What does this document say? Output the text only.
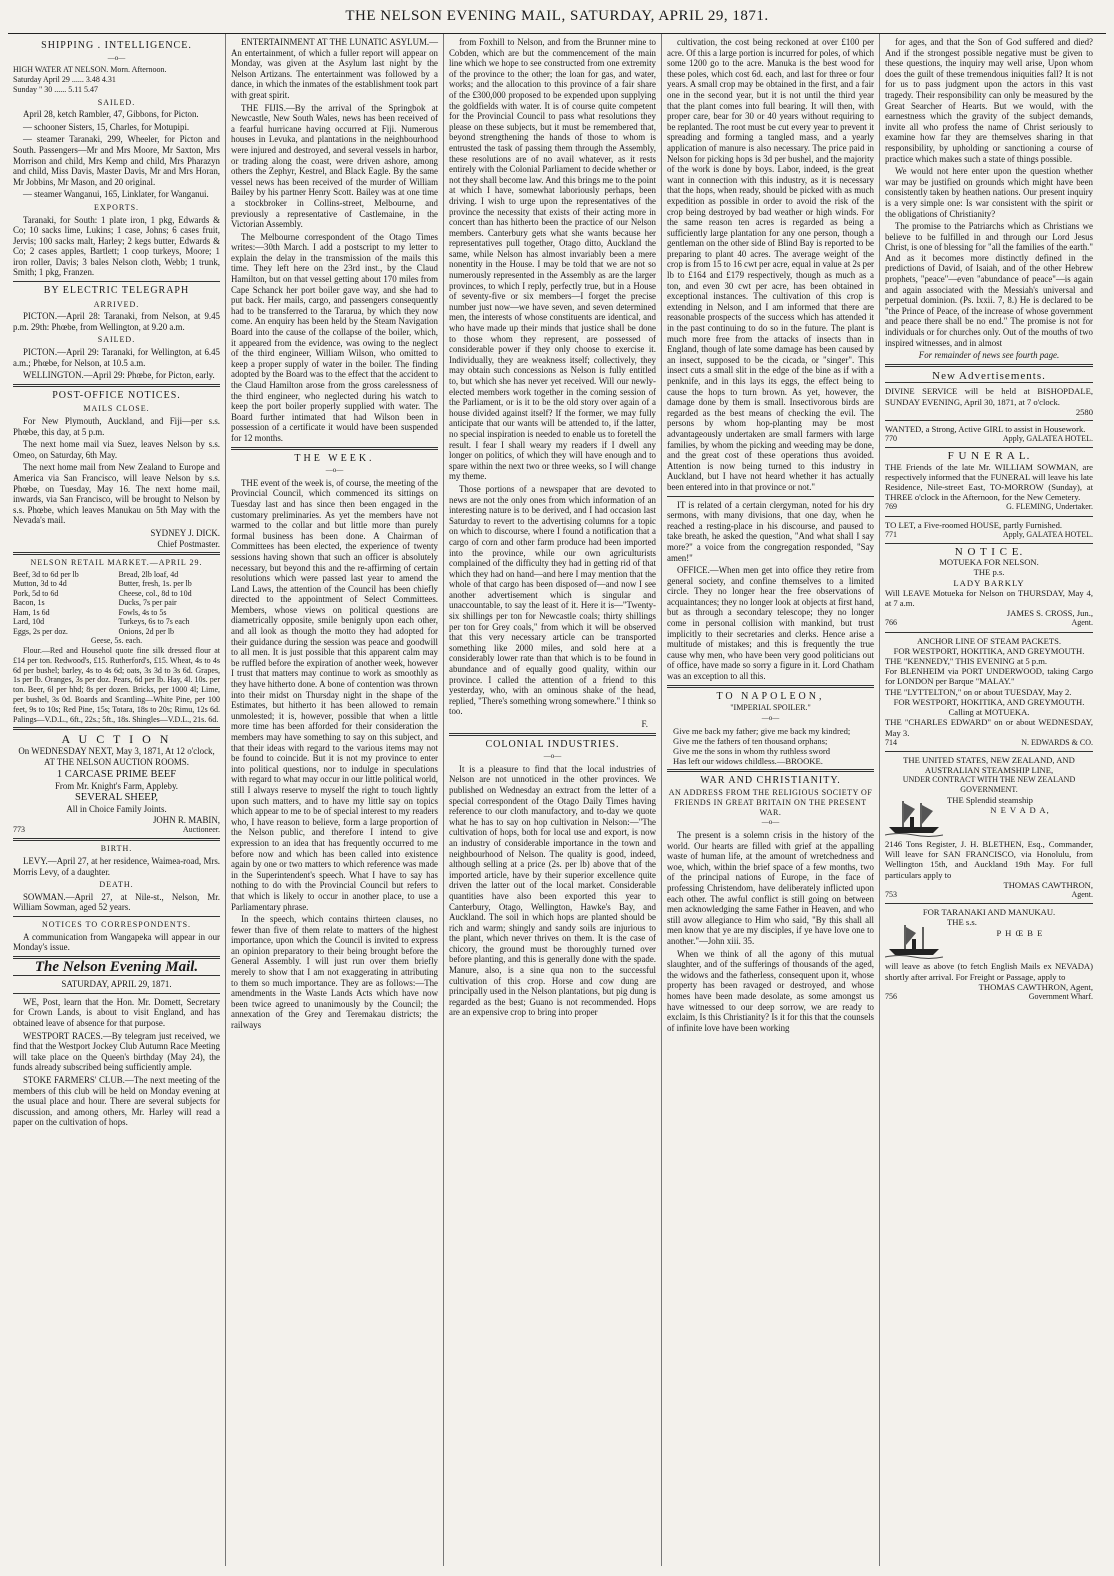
THE NELSON EVENING MAIL, SATURDAY, APRIL 29, 1871.
SHIPPING . INTELLIGENCE.
—o—
HIGH WATER AT NELSON. Morn. Afternoon.
Saturday April 29 ...... 3.48 4.31
Sunday " 30 ...... 5.11 5.47
SAILED.

April 28, ketch Rambler, 47, Gibbons, for Picton.

— schooner Sisters, 15, Charles, for Motupipi.

— steamer Taranaki, 299, Wheeler, for Picton and South. Passengers—Mr and Mrs Moore, Mr Saxton, Mrs Morrison and child, Mrs Kemp and child, Mrs Pharazyn and child, Miss Davis, Master Davis, Mr and Mrs Horan, Mr Jobbins, Mr Mason, and 20 original.

— steamer Wanganui, 165, Linklater, for Wanganui.

EXPORTS.

Taranaki, for South: 1 plate iron, 1 pkg, Edwards & Co; 10 sacks lime, Lukins; 1 case, Johns; 6 cases fruit, Jervis; 100 sacks malt, Harley; 2 kegs butter, Edwards & Co; 2 cases apples, Bartlett; 1 coop turkeys, Moore; 1 iron roller, Davis; 3 bales Nelson cloth, Webb; 1 trunk, Smith; 1 pkg, Franzen.

BY ELECTRIC TELEGRAPH
ARRIVED.

PICTON.—April 28: Taranaki, from Nelson, at 9.45 p.m. 29th: Phœbe, from Wellington, at 9.20 a.m.

SAILED.

PICTON.—April 29: Taranaki, for Wellington, at 6.45 a.m.; Phœbe, for Nelson, at 10.5 a.m.

WELLINGTON.—April 29: Phœbe, for Picton, early.

POST-OFFICE NOTICES.
MAILS CLOSE.

For New Plymouth, Auckland, and Fiji—per s.s. Phœbe, this day, at 5 p.m.

The next home mail via Suez, leaves Nelson by s.s. Omeo, on Saturday, 6th May.

The next home mail from New Zealand to Europe and America via San Francisco, will leave Nelson by s.s. Phœbe, on Tuesday, May 16. The next home mail, inwards, via San Francisco, will be brought to Nelson by s.s. Phœbe, which leaves Manukau on 5th May with the Nevada's mail.

SYDNEY J. DICK.
Chief Postmaster.
NELSON RETAIL MARKET.—APRIL 29.
Beef, 3d to 6d per lb
Mutton, 3d to 4d
Pork, 5d to 6d
Bacon, 1s
Ham, 1s 6d
Lard, 10d
Eggs, 2s per doz.
Bread, 2lb loaf, 4d
Butter, fresh, 1s. per lb
Cheese, col., 8d to 10d
Ducks, 7s per pair
Fowls, 4s to 5s
Turkeys, 6s to 7s each
Onions, 2d per lb
Geese, 5s. each.

Flour.—Red and Househol quote fine silk dressed flour at £14 per ton. Redwood's, £15. Rutherford's, £15. Wheat, 4s to 4s 6d per bushel; barley, 4s to 4s 6d; oats, 3s 3d to 3s 6d. Grapes, 1s per lb. Oranges, 3s per doz. Pears, 6d per lb. Hay, 4l. 10s. per ton. Beer, 6l per hhd; 8s per dozen. Bricks, per 1000 4l; Lime, per bushel, 3s 0d. Boards and Scantling—White Pine, per 100 feet, 9s to 10s; Red Pine, 15s; Totara, 18s to 20s; Rimu, 12s 6d. Palings—V.D.L., 6ft., 22s.; 5ft., 18s. Shingles—V.D.L., 21s. 6d.

A U C T I O N
On WEDNESDAY NEXT, May 3, 1871, At 12 o'clock,
AT THE NELSON AUCTION ROOMS.
1 CARCASE PRIME BEEF
From Mr. Knight's Farm, Appleby.
SEVERAL SHEEP,
All in Choice Family Joints.
JOHN R. MABIN,
773	Auctioneer.
BIRTH.

LEVY.—April 27, at her residence, Waimea-road, Mrs. Morris Levy, of a daughter.

DEATH.

SOWMAN.—April 27, at Nile-st., Nelson, Mr. William Sowman, aged 52 years.

NOTICES TO CORRESPONDENTS.

A communication from Wangapeka will appear in our Monday's issue.

The Nelson Evening Mail.
SATURDAY, APRIL 29, 1871.

WE, Post, learn that the Hon. Mr. Domett, Secretary for Crown Lands, is about to visit England, and has obtained leave of absence for that purpose.

WESTPORT RACES.—By telegram just received, we find that the Westport Jockey Club Autumn Race Meeting will take place on the Queen's birthday (May 24), the funds already subscribed being sufficiently ample.

STOKE FARMERS' CLUB.—The next meeting of the members of this club will be held on Monday evening at the usual place and hour. There are several subjects for discussion, and among others, Mr. Harley will read a paper on the cultivation of hops.

ENTERTAINMENT AT THE LUNATIC ASYLUM.—An entertainment, of which a fuller report will appear on Monday, was given at the Asylum last night by the Nelson Artizans. The entertainment was followed by a dance, in which the inmates of the establishment took part with great spirit.

THE FIJIS.—By the arrival of the Springbok at Newcastle, New South Wales, news has been received of a fearful hurricane having occurred at Fiji. Numerous houses in Levuka, and plantations in the neighbourhood were injured and destroyed, and several vessels in harbor, or trading along the coast, were driven ashore, among others the Zephyr, Kestrel, and Black Eagle. By the same vessel news has been received of the murder of William Bailey by his partner Henry Scott. Bailey was at one time a stockbroker in Collins-street, Melbourne, and previously a representative of Castlemaine, in the Victorian Assembly.

The Melbourne correspondent of the Otago Times writes:—30th March. I add a postscript to my letter to explain the delay in the transmission of the mails this time. They left here on the 23rd inst., by the Claud Hamilton, but on that vessel getting about 170 miles from Cape Schanck her port boiler gave way, and she had to put back. Her mails, cargo, and passengers consequently had to be transferred to the Tararua, by which they now come. An enquiry has been held by the Steam Navigation Board into the cause of the collapse of the boiler, which, it appeared from the evidence, was owing to the neglect of the third engineer, William Wilson, who omitted to keep a proper supply of water in the boiler. The finding adopted by the Board was to the effect that the accident to the Claud Hamilton arose from the gross carelessness of the third engineer, who neglected during his watch to keep the port boiler properly supplied with water. The Board further intimated that had Wilson been in possession of a certificate it would have been suspended for 12 months.

THE WEEK.
—o—

THE event of the week is, of course, the meeting of the Provincial Council, which commenced its sittings on Tuesday last and has since then been engaged in the customary preliminaries. As yet the members have not warmed to the collar and but little more than purely formal business has been done. A Chairman of Committees has been elected, the experience of twenty sessions having shown that such an officer is absolutely necessary, but beyond this and the re-affirming of certain resolutions which were passed last year to amend the Land Laws, the attention of the Council has been chiefly directed to the appointment of Select Committees. Members, whose views on political questions are diametrically opposite, smile benignly upon each other, and all look as though the motto they had adopted for their guidance during the session was peace and goodwill to all men. It is just possible that this apparent calm may be ruffled before the expiration of another week, however I trust that matters may continue to work as smoothly as they have hitherto done. A bone of contention was thrown into their midst on Thursday night in the shape of the Estimates, but hitherto it has been allowed to remain unmolested; it is, however, possible that when a little more time has been afforded for their consideration the members may have something to say on this subject, and that their ideas with regard to the various items may not be found to coincide. But it is not my province to enter into political questions, nor to indulge in speculations with regard to what may occur in our little political world, still I always reserve to myself the right to touch lightly upon such matters, and to have my little say on topics which appear to me to be of special interest to my readers who, I have reason to believe, form a large proportion of the Nelson public, and therefore I intend to give expression to an idea that has frequently occurred to me before now and which has been called into existence again by one or two matters to which reference was made in the Superintendent's speech. What I have to say has nothing to do with the Provincial Council but refers to that which is likely to occur in another place, to use a Parliamentary phrase.

In the speech, which contains thirteen clauses, no fewer than five of them relate to matters of the highest importance, upon which the Council is invited to express an opinion preparatory to their being brought before the General Assembly. I will just run over them briefly merely to show that I am not exaggerating in attributing to them so much importance. They are as follows:—The amendments in the Waste Lands Acts which have now been twice agreed to unanimously by the Council; the annexation of the Grey and Teremakau districts; the railways

from Foxhill to Nelson, and from the Brunner mine to Cobden, which are but the commencement of the main line which we hope to see constructed from one extremity of the province to the other; the loan for gas, and water, works; and the allocation to this province of a fair share of the £300,000 proposed to be expended upon supplying the goldfields with water. It is of course quite competent for the Provincial Council to pass what resolutions they please on these subjects, but it must be remembered that, beyond strengthening the hands of those to whom is entrusted the task of passing them through the Assembly, these resolutions are of no avail whatever, as it rests entirely with the Colonial Parliament to decide whether or not they shall become law. And this brings me to the point at which I have, somewhat laboriously perhaps, been driving. I wish to urge upon the representatives of the province the necessity that exists of their acting more in concert than has hitherto been the practice of our Nelson members. Canterbury gets what she wants because her representatives pull together, Otago ditto, Auckland the same, while Nelson has almost invariably been a mere nonentity in the House. I may be told that we are not so numerously represented in the Assembly as are the larger provinces, to which I reply, perfectly true, but in a House of seventy-five or six members—I forget the precise number just now—we have seven, and seven determined men, the interests of whose constituents are identical, and who have made up their minds that justice shall be done to those whom they represent, are possessed of considerable power if they only choose to exercise it. Individually, they are weakness itself; collectively, they may obtain such concessions as Nelson is fully entitled to, but which she has never yet received. Will our newly-elected members work together in the coming session of the Parliament, or is it to be the old story over again of a house divided against itself? If the former, we may fully anticipate that our wants will be attended to, if the latter, no special inspiration is needed to enable us to foretell the result. I fear I shall weary my readers if I dwell any longer on politics, of which they will have enough and to spare within the next two or three weeks, so I will change my theme.

Those portions of a newspaper that are devoted to news are not the only ones from which information of an interesting nature is to be derived, and I had occasion last Saturday to revert to the advertising columns for a topic on which to discourse, where I found a notification that a cargo of corn and other farm produce had been imported into the province, while our own agriculturists complained of the difficulty they had in getting rid of that which they had on hand—and here I may mention that the whole of that cargo has been disposed of—and now I see another advertisement which is singular and unaccountable, to say the least of it. Here it is—"Twenty-six shillings per ton for Newcastle coals; thirty shillings per ton for Grey coals," from which it will be observed that this very necessary article can be transported something like 2000 miles, and sold here at a considerably lower rate than that which is to be found in abundance and of equally good quality, within our province. I called the attention of a friend to this yesterday, who, with an ominous shake of the head, replied, "There's something wrong somewhere." I think so too.

F.
COLONIAL INDUSTRIES.
—o—

It is a pleasure to find that the local industries of Nelson are not unnoticed in the other provinces. We published on Wednesday an extract from the letter of a special correspondent of the Otago Daily Times having reference to our cloth manufactory, and to-day we quote what he has to say on hop cultivation in Nelson:—"The cultivation of hops, both for local use and export, is now an industry of considerable importance in the town and neighbourhood of Nelson. The quality is good, indeed, although selling at a price (2s. per lb) above that of the imported article, have by their superior excellence quite driven the latter out of the local market. Considerable quantities have also been exported this year to Canterbury, Otago, Wellington, Hawke's Bay, and Auckland. The soil in which hops are planted should be rich and warm; shingly and sandy soils are injurious to the plant, which never thrives on them. It is the case of chicory, the ground must be thoroughly turned over before planting, and this is generally done with the spade. Manure, also, is a sine qua non to the successful cultivation of this crop. Horse and cow dung are principally used in the Nelson plantations, but pig dung is regarded as the best; Guano is not recommended. Hops are an expensive crop to bring into proper

cultivation, the cost being reckoned at over £100 per acre. Of this a large portion is incurred for poles, of which some 1200 go to the acre. Manuka is the best wood for these poles, which cost 6d. each, and last for three or four years. A small crop may be obtained in the first, and a fair one in the second year, but it is not until the third year that the plant comes into full bearing. It will then, with proper care, bear for 30 or 40 years without requiring to be replanted. The root must be cut every year to prevent it spreading and forming a tangled mass, and a yearly application of manure is also necessary. The price paid in Nelson for picking hops is 3d per bushel, and the majority of the work is done by boys. Labor, indeed, is the great want in connection with this industry, as it is necessary that the hops, when ready, should be picked with as much expedition as possible in order to avoid the risk of the crop being destroyed by bad weather or high winds. For the same reason ten acres is regarded as being a sufficiently large plantation for any one person, though a gentleman on the other side of Blind Bay is reported to be preparing to plant 40 acres. The average weight of the crop is from 15 to 16 cwt per acre, equal in value at 2s per lb to £164 and £179 respectively, though as much as a ton, and even 30 cwt per acre, has been obtained in exceptional instances. The cultivation of this crop is extending in Nelson, and I am informed that there are reasonable prospects of the success which has attended it in the past continuing to do so in the future. The plant is much more free from the attacks of insects than in England, though of late some damage has been caused by an insect, supposed to be the cicada, or "singer". This insect cuts a small slit in the edge of the bine as if with a penknife, and in this lays its eggs, the effect being to cause the hops to turn brown. As yet, however, the damage done by them is small. Insectivorous birds are regarded as the best means of checking the evil. The persons by whom hop-planting may be most advantageously undertaken are small farmers with large families, by whom the picking and weeding may be done, and the great cost of these operations thus avoided. Attention is now being turned to this industry in Auckland, but I have not heard whether it has actually been entered into in that province or not."

IT is related of a certain clergyman, noted for his dry sermons, with many divisions, that one day, when he reached a resting-place in his discourse, and paused to take breath, he asked the question, "And what shall I say more?" a voice from the congregation responded, "Say amen!"

OFFICE.—When men get into office they retire from general society, and confine themselves to a limited circle. They no longer hear the free observations of acquaintances; they no longer look at objects at first hand, but as through a secondary telescope; they no longer come in personal collision with mankind, but trust implicitly to their secretaries and clerks. Hence arise a multitude of mistakes; and this is frequently the true cause why men, who have been very good politicians out of office, have made so sorry a figure in it. Lord Chatham was an exception to all this.

TO NAPOLEON,
"IMPERIAL SPOILER."
—o—
Give me back my father; give me back my kindred;
Give me the fathers of ten thousand orphans;
Give me the sons in whom thy ruthless sword
Has left our widows childless.—BROOKE.
WAR AND CHRISTIANITY.
AN ADDRESS FROM THE RELIGIOUS SOCIETY OF FRIENDS IN GREAT BRITAIN ON THE PRESENT WAR.
—o—

The present is a solemn crisis in the history of the world. Our hearts are filled with grief at the appalling waste of human life, at the amount of wretchedness and woe, which, within the brief space of a few months, two of the principal nations of Europe, in the face of professing Christendom, have deliberately inflicted upon each other. The awful conflict is still going on between men acknowledging the same Father in Heaven, and who still avow allegiance to Him who said, "By this shall all men know that ye are my disciples, if ye have love one to another."—John xiii. 35.

When we think of all the agony of this mutual slaughter, and of the sufferings of thousands of the aged, the widows and the fatherless, consequent upon it, whose property has been ravaged or destroyed, and whose homes have been made desolate, as some amongst us have witnessed to our deep sorrow, we are ready to exclaim, Is this Christianity? Is it for this that the counsels of infinite love have been working

for ages, and that the Son of God suffered and died? And if the strongest possible negative must be given to these questions, the inquiry may well arise, Upon whom does the guilt of these tremendous iniquities fall? It is not for us to pass judgment upon the actors in this vast tragedy. Their responsibility can only be measured by the Great Searcher of Hearts. But we would, with the earnestness which the gravity of the subject demands, invite all who profess the name of Christ seriously to examine how far they are themselves sharing in that responsibility, by upholding or sanctioning a course of practice which makes such a state of things possible.

We would not here enter upon the question whether war may be justified on grounds which might have been consistently taken by heathen nations. Our present inquiry is a very simple one: Is war consistent with the spirit or the obligations of Christianity?

The promise to the Patriarchs which as Christians we believe to be fulfilled in and through our Lord Jesus Christ, is one of blessing for "all the families of the earth." And as it becomes more distinctly defined in the predictions of David, of Isaiah, and of the other Hebrew prophets, "peace"—even "abundance of peace"—is again and again associated with the Messiah's universal and perpetual dominion. (Ps. lxxii. 7, 8.) He is declared to be "the Prince of Peace, of the increase of whose government and peace there shall be no end." The promise is not for individuals or for churches only. Out of the mouths of two inspired witnesses, and in almost

For remainder of news see fourth page.
New Advertisements.
DIVINE SERVICE will be held at BISHOPDALE, SUNDAY EVENING, April 30, 1871, at 7 o'clock.
2580
WANTED, a Strong, Active GIRL to assist in Housework.
770	Apply, GALATEA HOTEL.
F U N E R A L.
THE Friends of the late Mr. WILLIAM SOWMAN, are respectively informed that the FUNERAL will leave his late Residence, Nile-street East, TO-MORROW (Sunday), at THREE o'clock in the Afternoon, for the New Cemetery.
769	G. FLEMING, Undertaker.
TO LET, a Five-roomed HOUSE, partly Furnished.
771	Apply, GALATEA HOTEL.
N O T I C E.
MOTUEKA FOR NELSON.
THE p.s.
LADY BARKLY
Will LEAVE Motueka for Nelson on THURSDAY, May 4, at 7 a.m.
JAMES S. CROSS, Jun.,
766	Agent.
ANCHOR LINE OF STEAM PACKETS.
FOR WESTPORT, HOKITIKA, AND GREYMOUTH.
THE "KENNEDY," THIS EVENING at 5 p.m.
For BLENHEIM via PORT UNDERWOOD, taking Cargo for LONDON per Barque "MALAY."
THE "LYTTELTON," on or about TUESDAY, May 2.
FOR WESTPORT, HOKITIKA, AND GREYMOUTH. Calling at MOTUEKA.
THE "CHARLES EDWARD" on or about WEDNESDAY, May 3.
714	N. EDWARDS & CO.
THE UNITED STATES, NEW ZEALAND, AND AUSTRALIAN STEAMSHIP LINE,
UNDER CONTRACT WITH THE NEW ZEALAND GOVERNMENT.
THE Splendid steamship
N E V A D A,
2146 Tons Register, J. H. BLETHEN, Esq., Commander, Will leave for SAN FRANCISCO, via Honolulu, from Wellington 15th, and Auckland 19th May. For full particulars apply to
THOMAS CAWTHRON,
753	Agent.
FOR TARANAKI AND MANUKAU.
THE s.s.
P H Œ B E
will leave as above (to fetch English Mails ex NEVADA) shortly after arrival. For Freight or Passage, apply to
THOMAS CAWTHRON, Agent,
756	Government Wharf.
